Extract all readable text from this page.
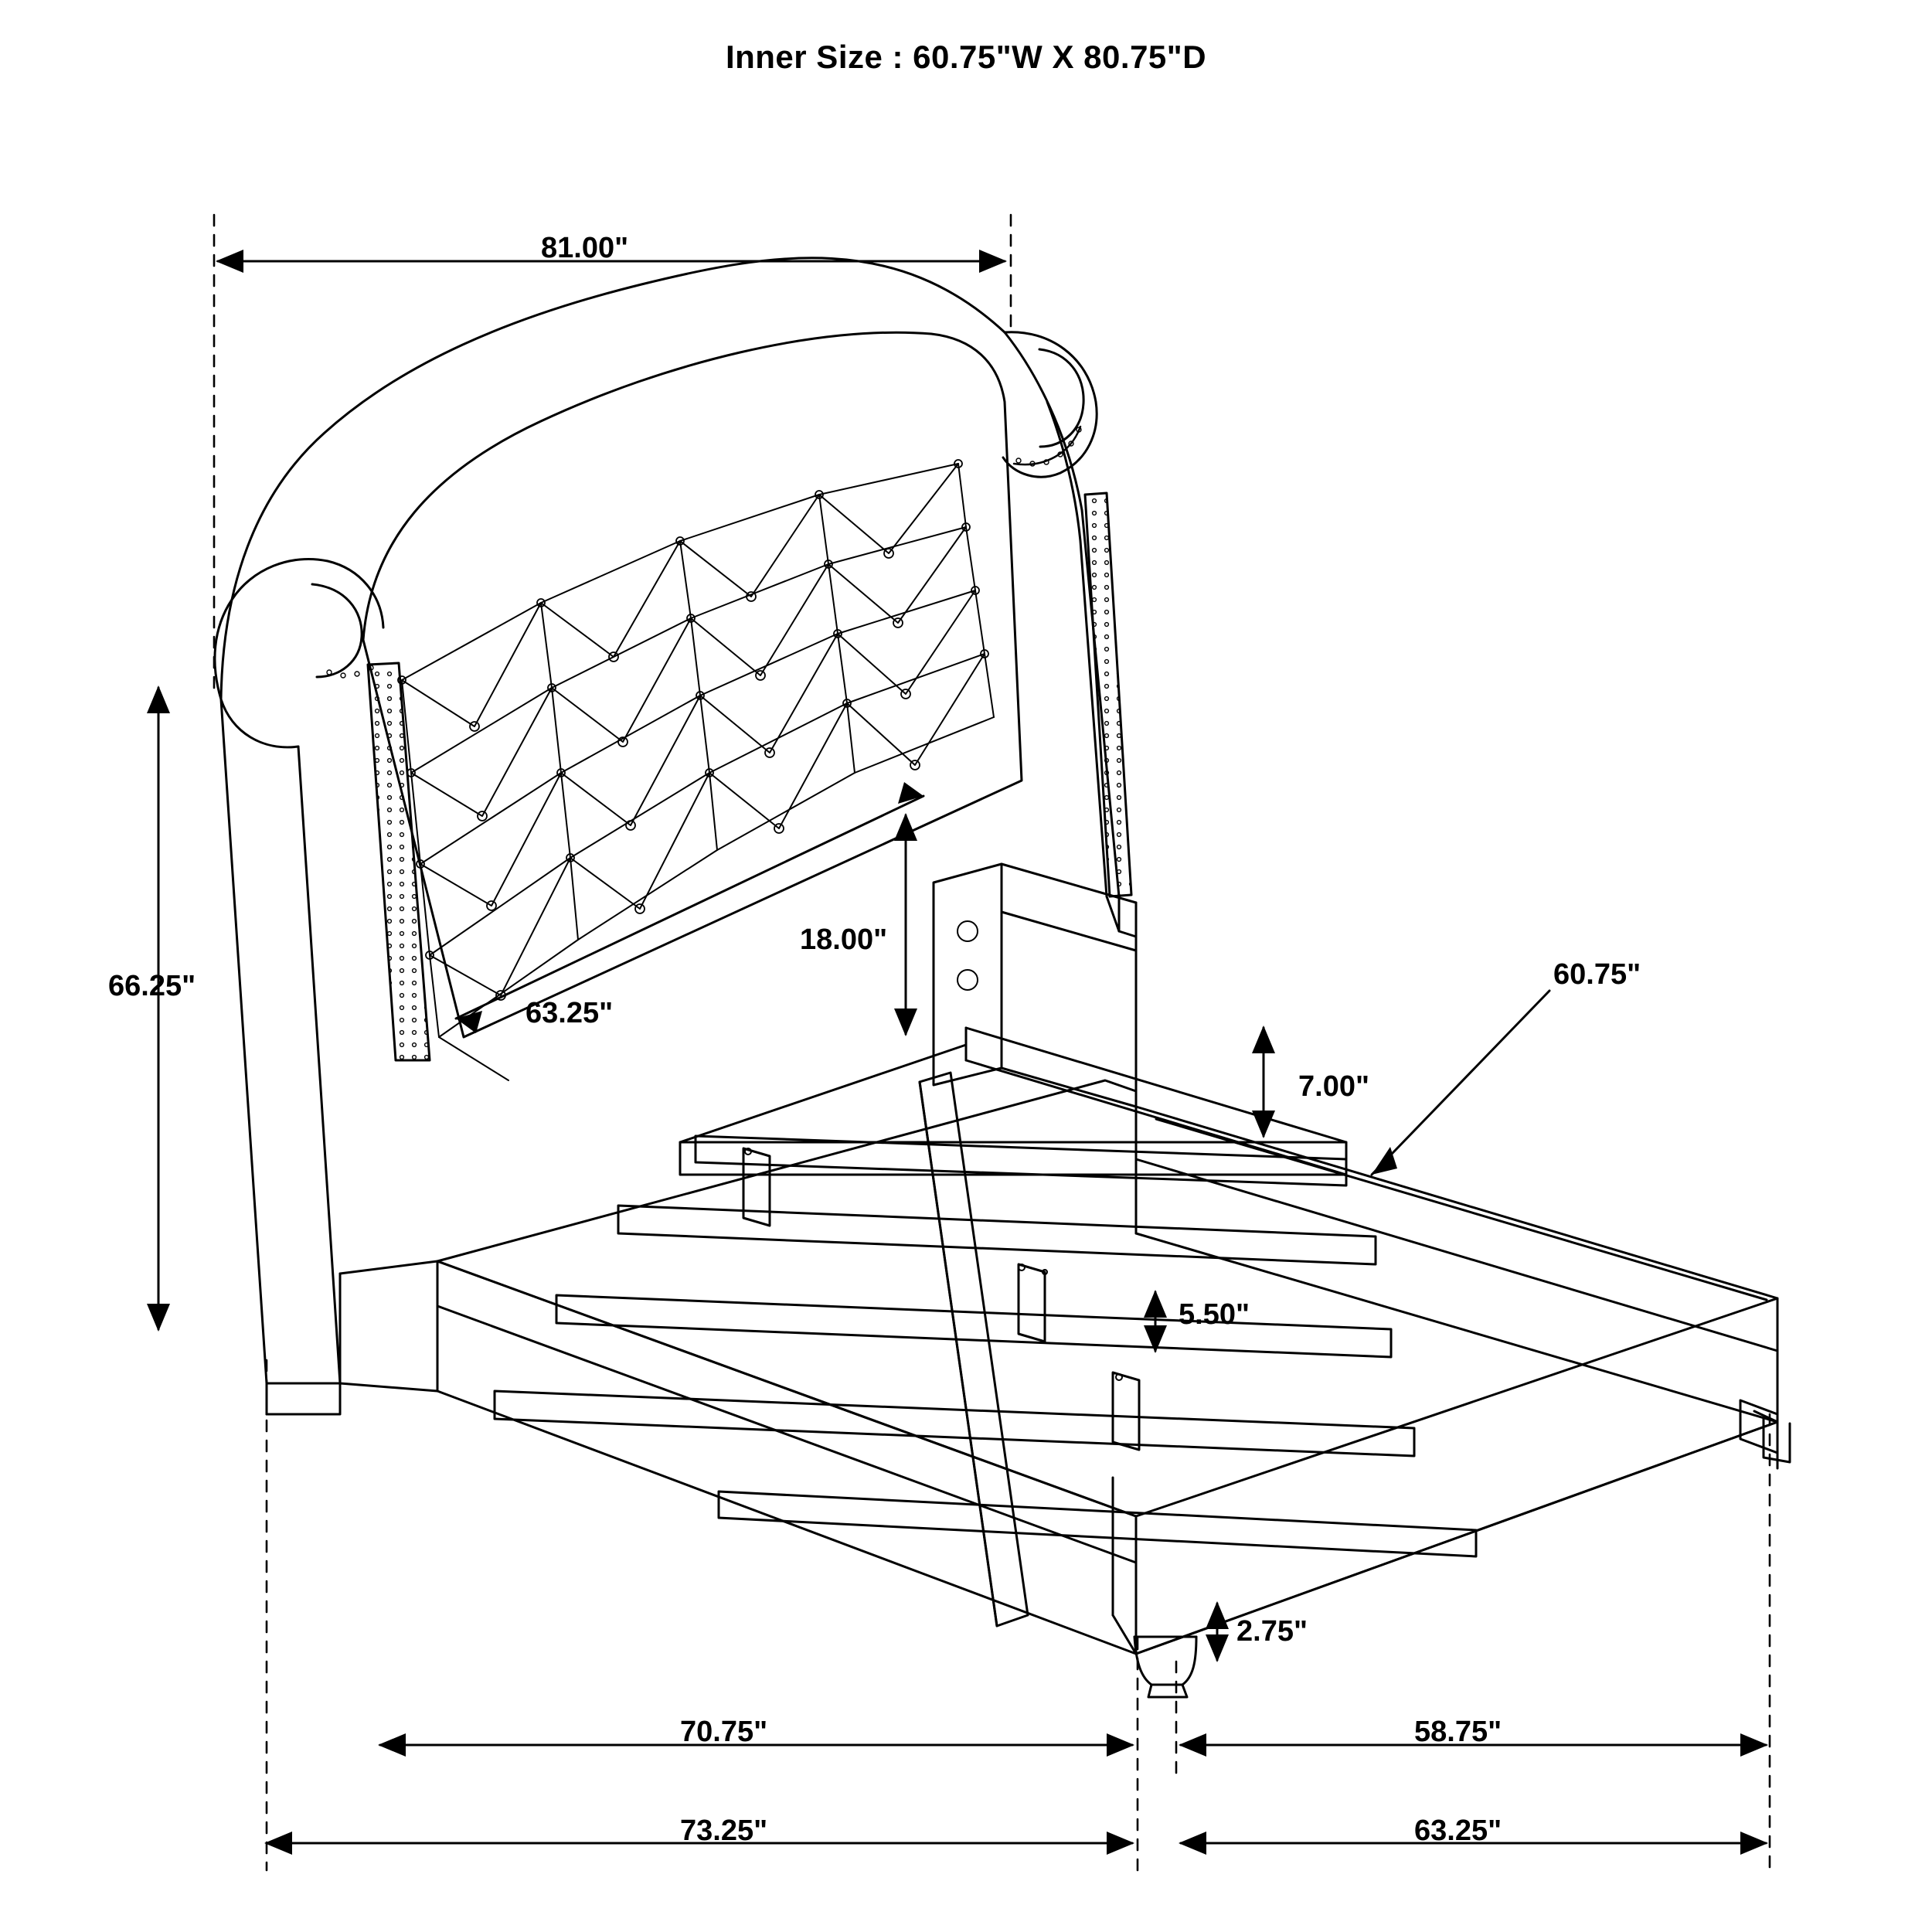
Inner Size : 60.75"W X 80.75"D
81.00"
66.25"
63.25"
18.00"
7.00"
60.75"
5.50"
2.75"
70.75"	58.75"
73.25"	63.25"
